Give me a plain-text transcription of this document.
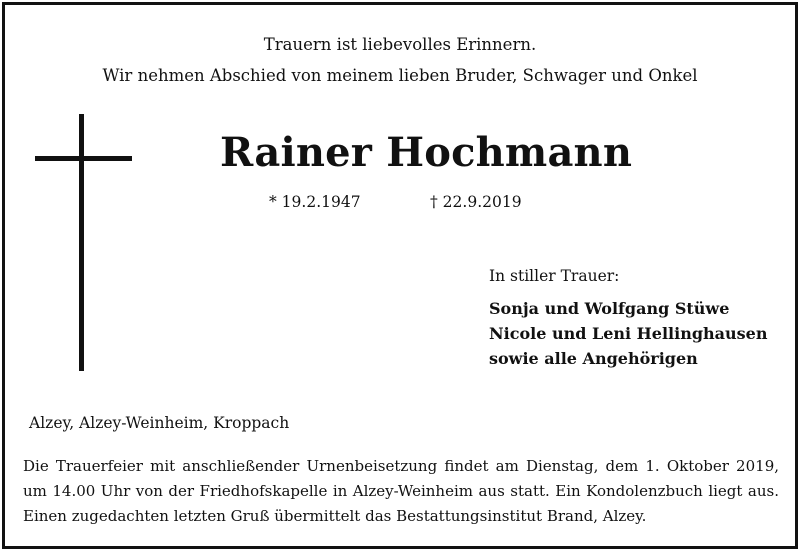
Trauern ist liebevolles Erinnern.
Wir nehmen Abschied von meinem lieben Bruder, Schwager und Onkel
Rainer Hochmann
* 19.2.1947	† 22.9.2019
In stiller Trauer:
Sonja und Wolfgang Stüwe
Nicole und Leni Hellinghausen
sowie alle Angehörigen
Alzey, Alzey-Weinheim, Kroppach
Die Trauerfeier mit anschließender Urnenbeisetzung findet am Dienstag, dem 1. Oktober 2019,
um 14.00 Uhr von der Friedhofskapelle in Alzey-Weinheim aus statt. Ein Kondolenzbuch liegt aus.
Einen zugedachten letzten Gruß übermittelt das Bestattungsinstitut Brand, Alzey.
